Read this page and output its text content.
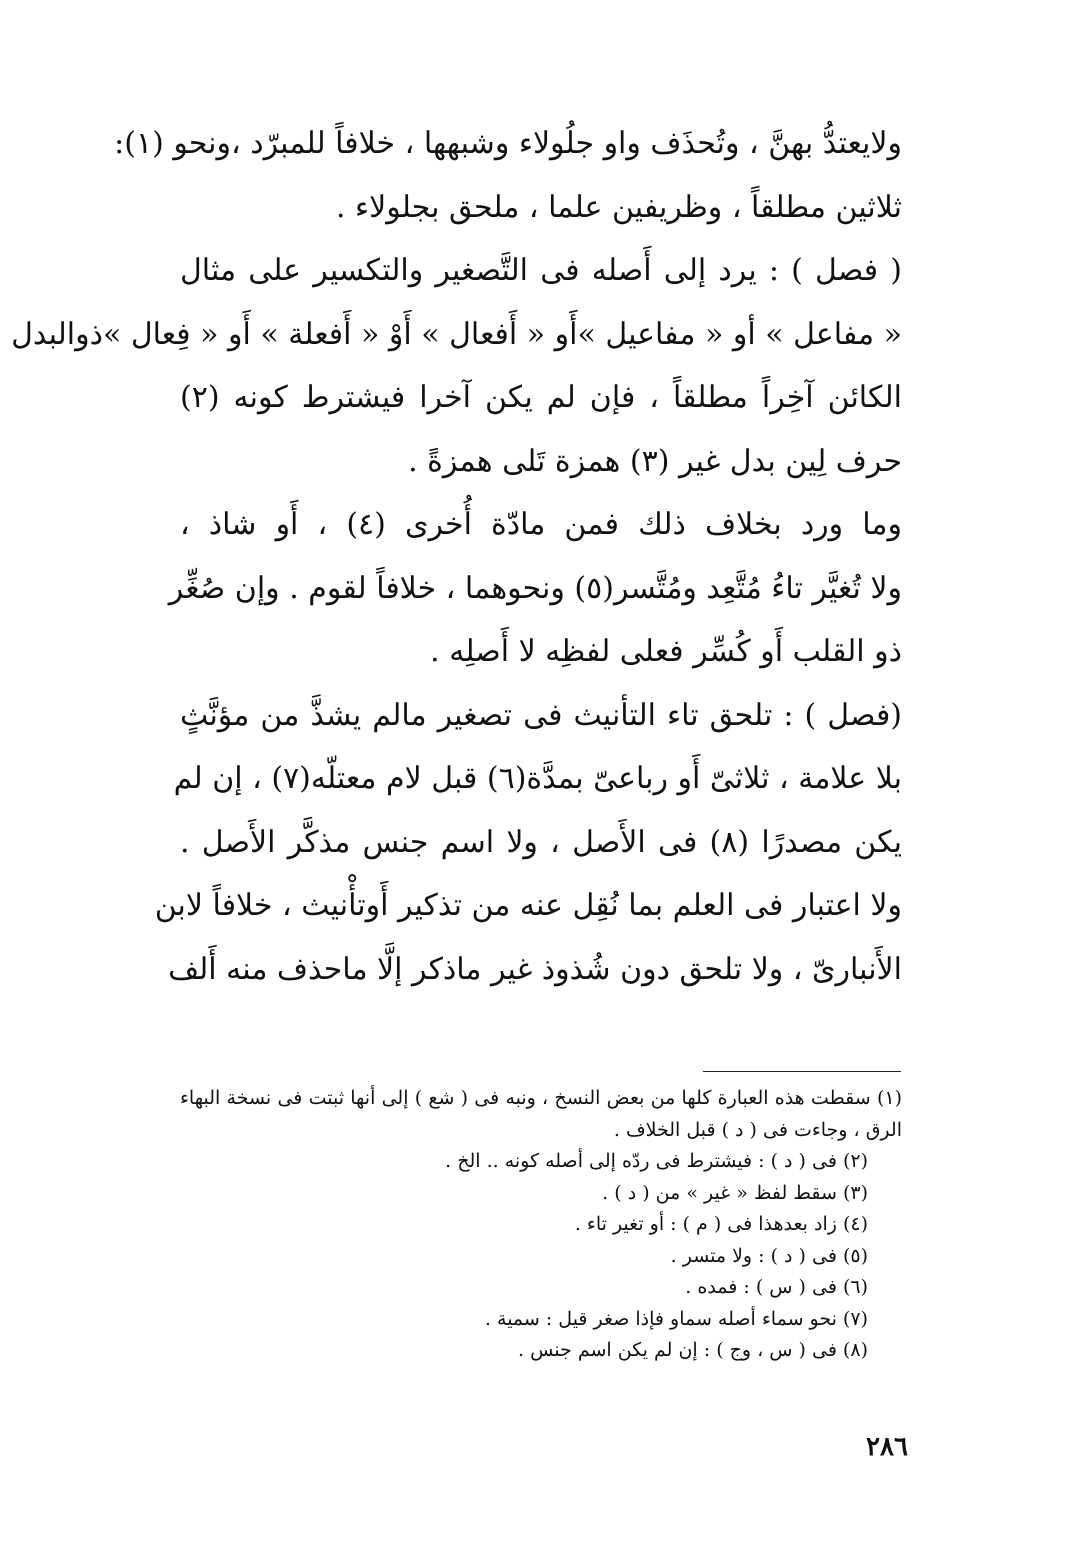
ولايعتدُّ بهنَّ ، وتُحذَف واو جلُولاء وشبهها ، خلافاً للمبرّد ،ونحو (١):
ثلاثين مطلقاً ، وظريفين علما ، ملحق بجلولاء .
( فصل ) : يرد إلى أَصله فى التَّصغير والتكسير على مثال
« مفاعل » أو « مفاعيل »أَو « أَفعال » أَوْ « أَفعلة » أَو « فِعال »ذوالبدل
الكائن آخِراً مطلقاً ، فإن لم يكن آخرا فيشترط كونه (٢)
حرف لِين بدل غير (٣) همزة تَلى همزةً .
وما ورد بخلاف ذلك فمن مادّة أُخرى (٤) ، أَو شاذ ،
ولا تُغيَّر تاءُ مُتَّعِد ومُتَّسر(٥) ونحوهما ، خلافاً لقوم . وإن صُغِّر
ذو القلب أَو كُسِّر فعلى لفظِه لا أَصلِه .
(فصل ) : تلحق تاء التأنيث فى تصغير مالم يشذَّ من مؤنَّثٍ
بلا علامة ، ثلاثىّ أَو رباعىّ بمدَّة(٦) قبل لام معتلّه(٧) ، إن لم
يكن مصدرًا (٨) فى الأَصل ، ولا اسم جنس مذكَّر الأَصل .
ولا اعتبار فى العلم بما نُقِل عنه من تذكير أَوتأْنيث ، خلافاً لابن
الأَنبارىّ ، ولا تلحق دون شُذوذ غير ماذكر إلَّا ماحذف منه أَلف
(١) سقطت هذه العبارة كلها من بعض النسخ ، ونبه فى ( شع ) إلى أنها ثبتت فى نسخة البهاء
الرق ، وجاءت فى ( د ) قبل الخلاف .
(٢) فى ( د ) : فيشترط فى ردّه إلى أصله كونه .. الخ .
(٣) سقط لفظ « غير » من ( د ) .
(٤) زاد بعدهذا فى ( م ) : أو تغير تاء .
(٥) فى ( د ) : ولا متسر .
(٦) فى ( س ) : فمده .
(٧) نحو سماء أصله سماو فإذا صغر قيل : سمية .
(٨) فى ( س ، وج ) : إن لم يكن اسم جنس .
٢٨٦
